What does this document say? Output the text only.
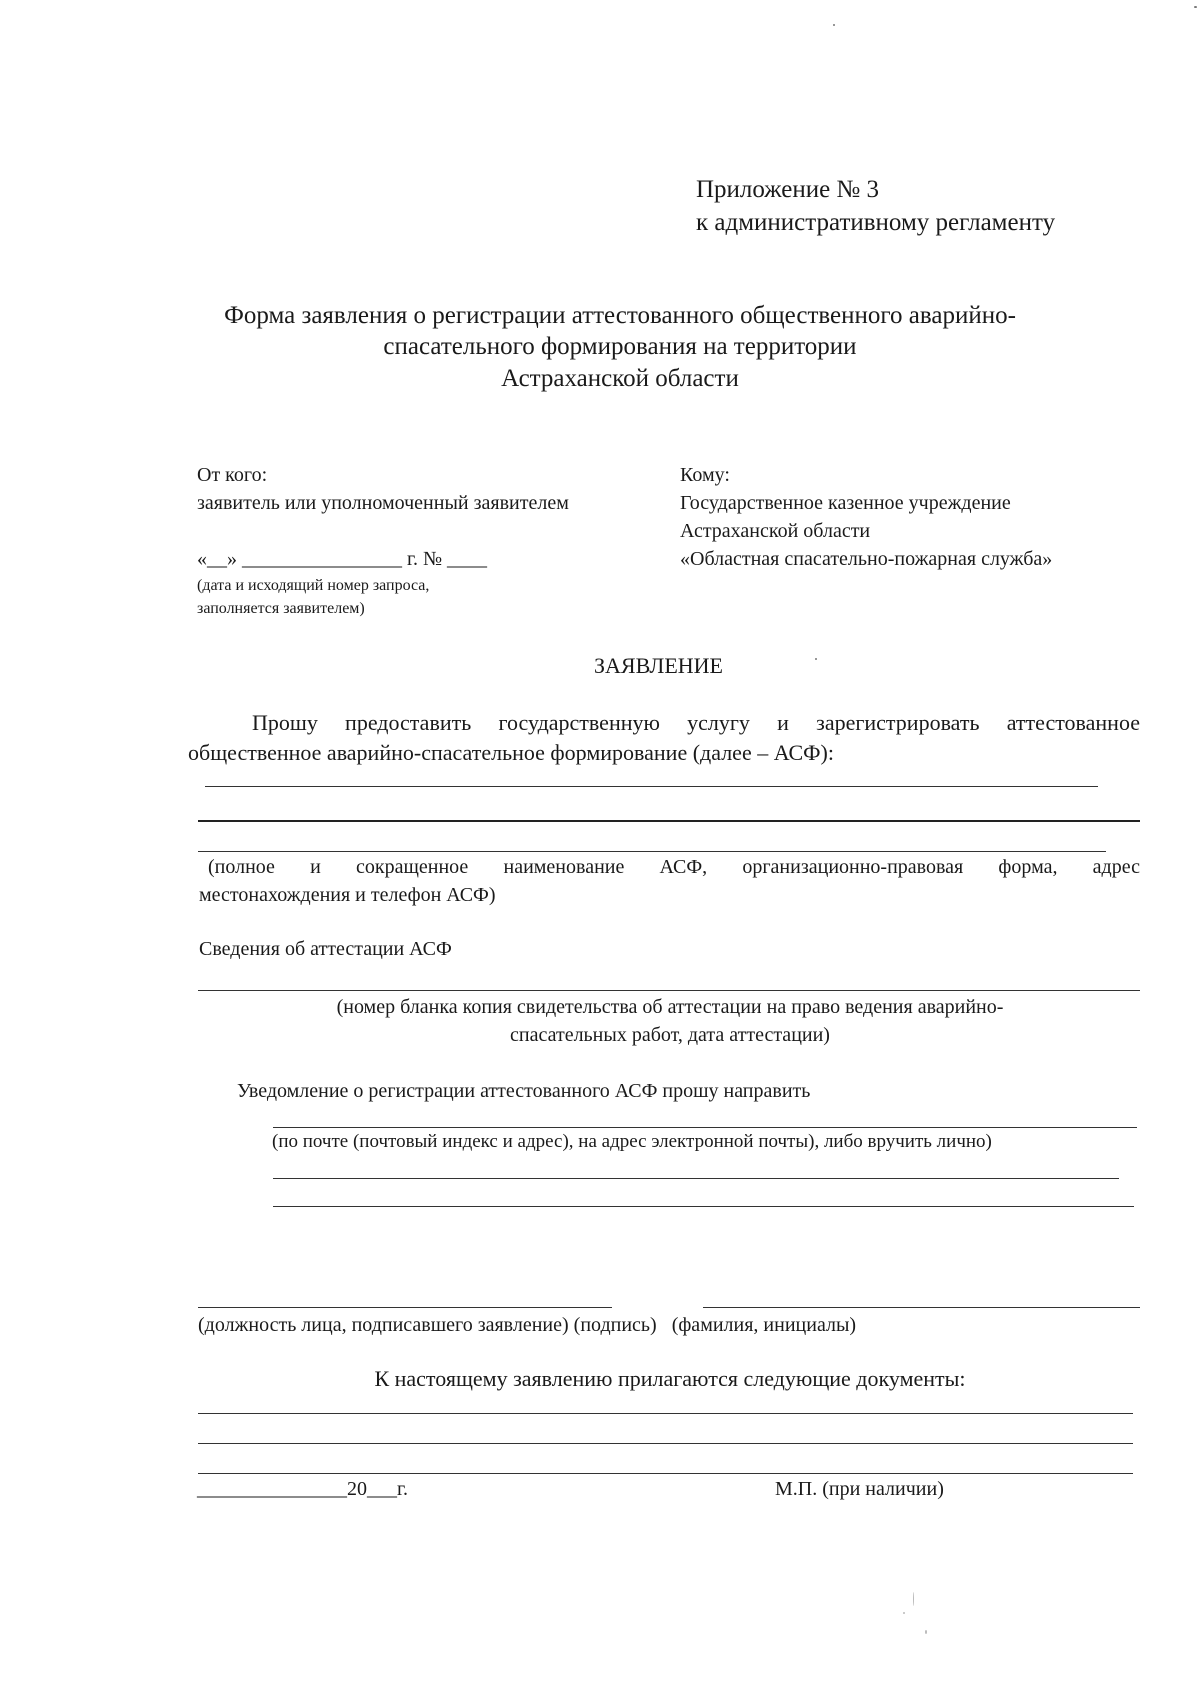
Приложение № 3
к административному регламенту
Форма заявления о регистрации аттестованного общественного аварийно-
спасательного формирования на территории
Астраханской области
От кого:
заявитель или уполномоченный заявителем
«__» ________________ г. № ____
(дата и исходящий номер запроса,
заполняется заявителем)
Кому:
Государственное казенное учреждение
Астраханской области
«Областная спасательно-пожарная служба»
ЗАЯВЛЕНИЕ
Прошу предоставить государственную услугу и зарегистрировать аттестованное
общественное аварийно-спасательное формирование (далее – АСФ):
(полное и сокращенное наименование АСФ, организационно-правовая форма, адрес
местонахождения и телефон АСФ)
Сведения об аттестации АСФ
(номер бланка копия свидетельства об аттестации на право ведения аварийно-
спасательных работ, дата аттестации)
Уведомление о регистрации аттестованного АСФ прошу направить
(по почте (почтовый индекс и адрес), на адрес электронной почты), либо вручить лично)
(должность лица, подписавшего заявление) (подпись)   (фамилия, инициалы)
К настоящему заявлению прилагаются следующие документы:
_______________20___г.	М.П. (при наличии)
